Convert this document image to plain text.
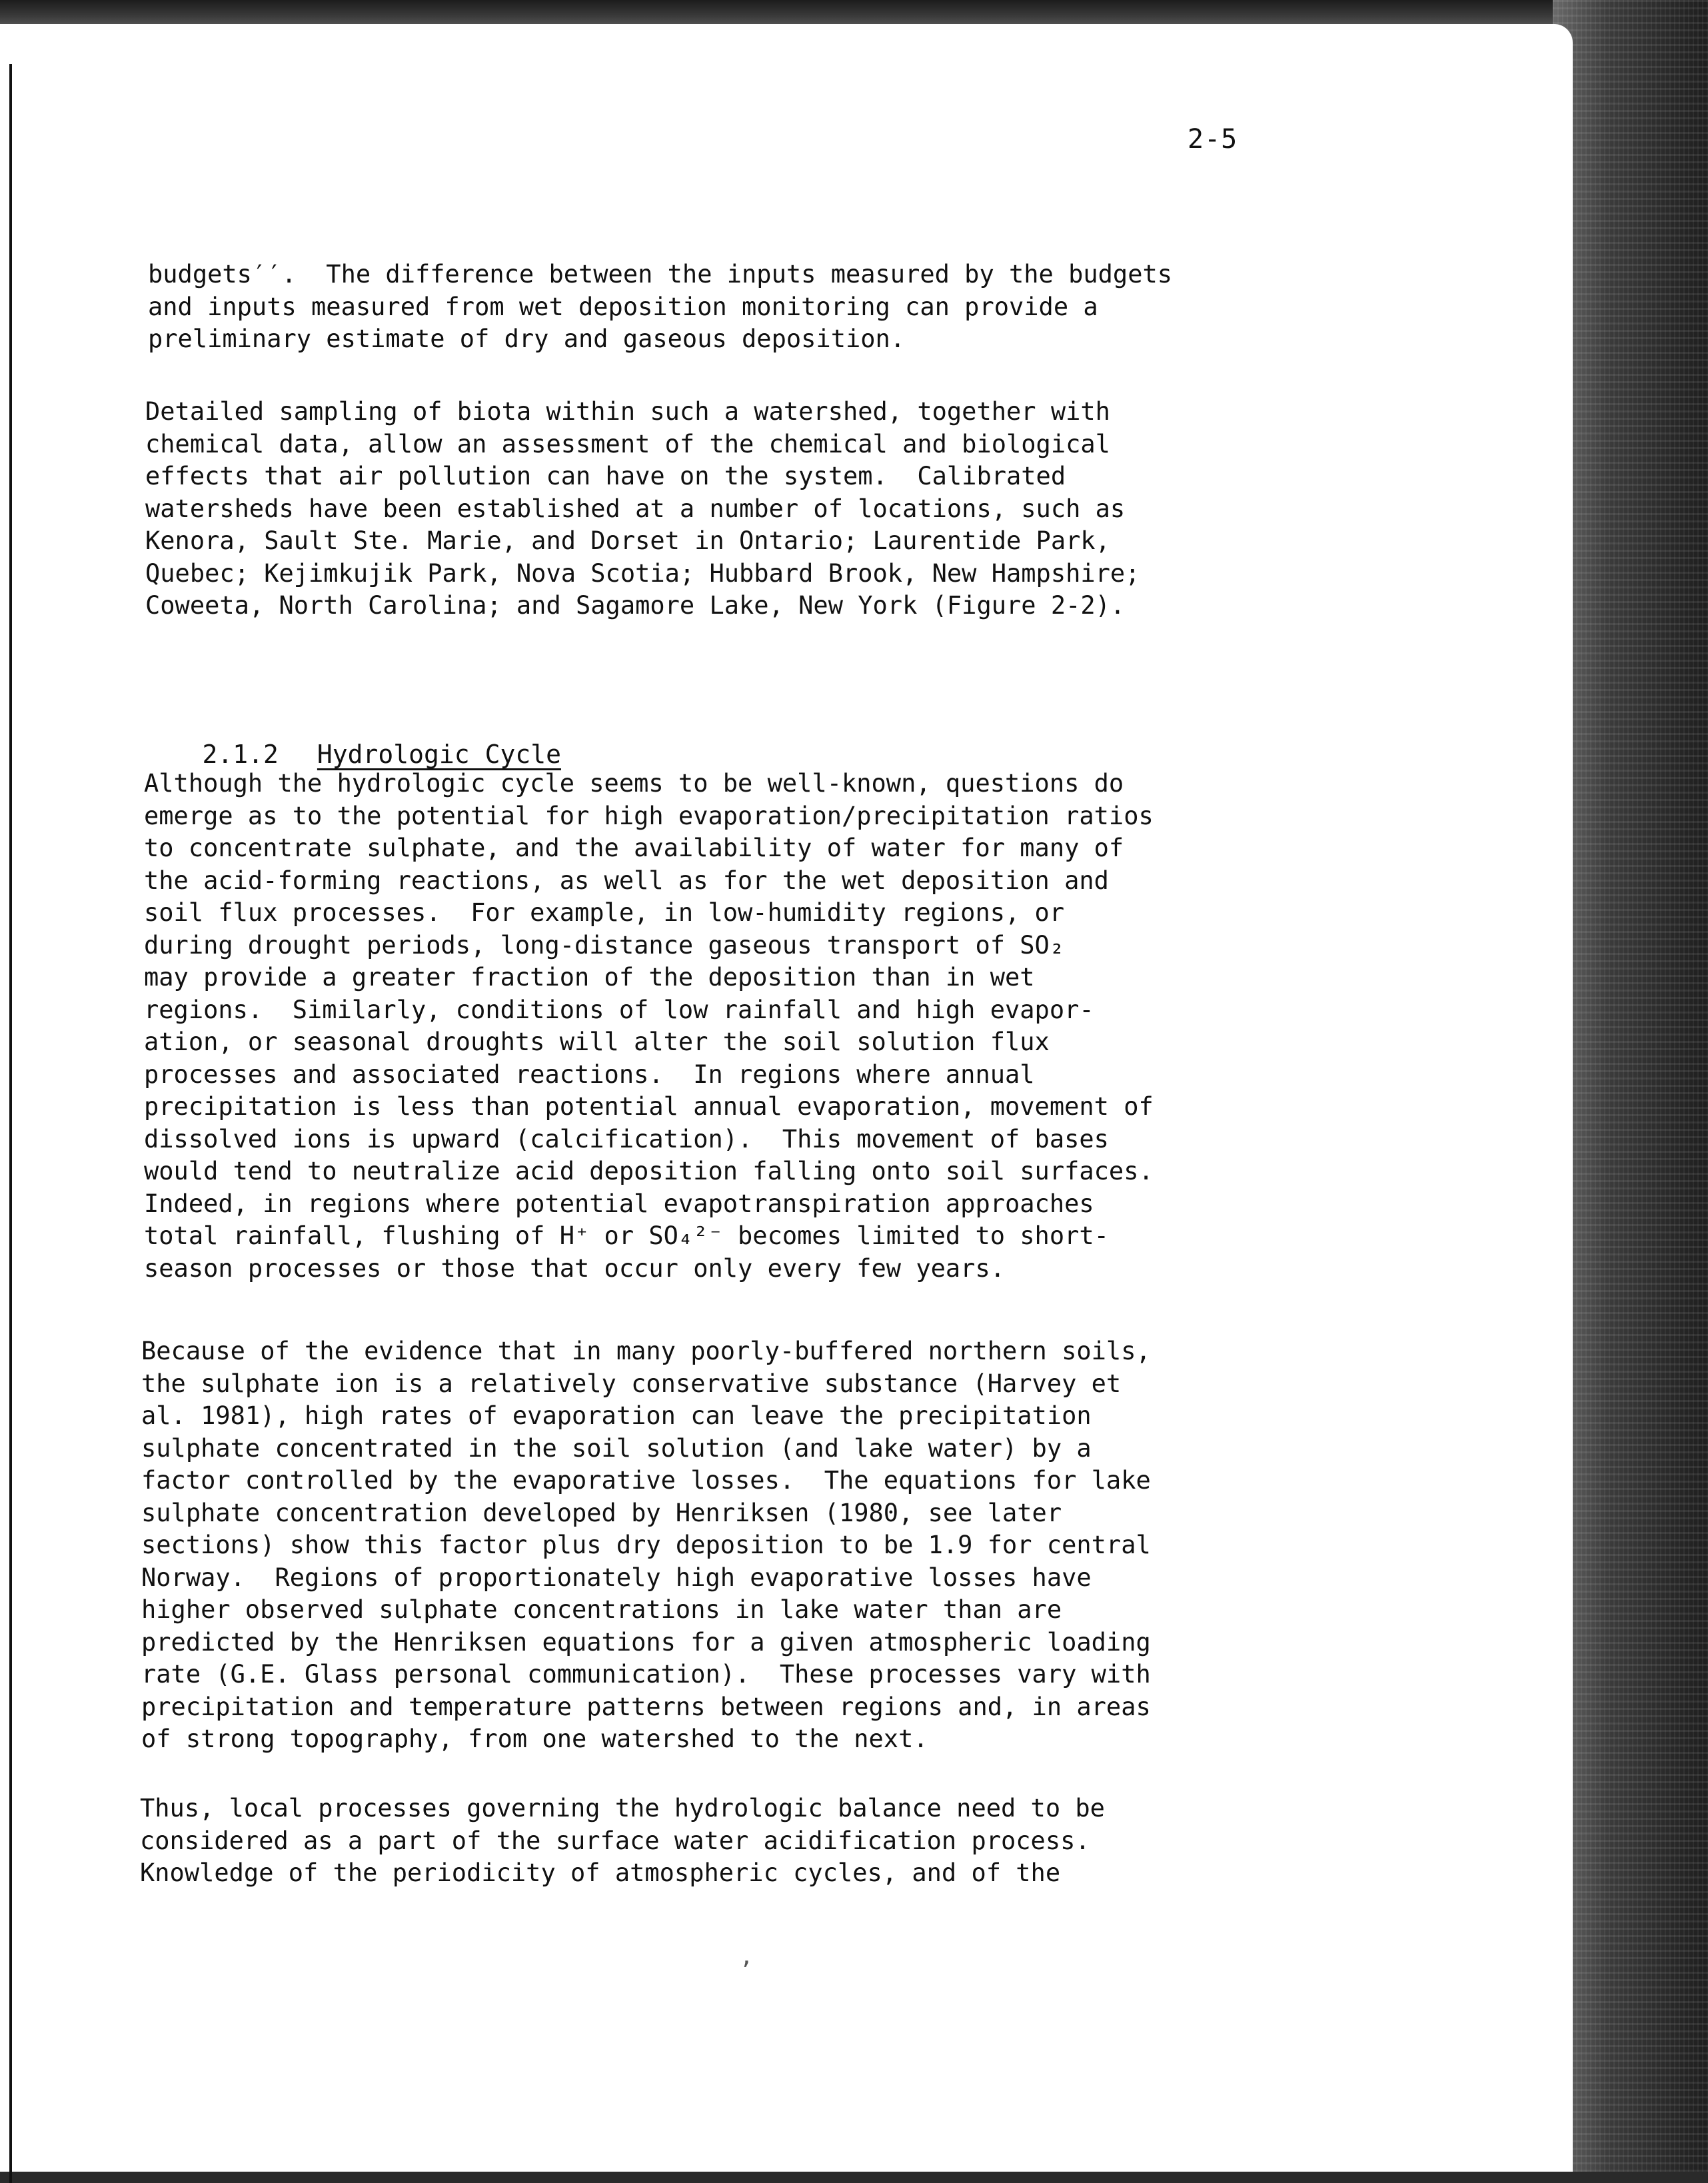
2-5

budgets′′.  The difference between the inputs measured by the budgets
and inputs measured from wet deposition monitoring can provide a
preliminary estimate of dry and gaseous deposition.

Detailed sampling of biota within such a watershed, together with
chemical data, allow an assessment of the chemical and biological
effects that air pollution can have on the system.  Calibrated
watersheds have been established at a number of locations, such as
Kenora, Sault Ste. Marie, and Dorset in Ontario; Laurentide Park,
Quebec; Kejimkujik Park, Nova Scotia; Hubbard Brook, New Hampshire;
Coweeta, North Carolina; and Sagamore Lake, New York (Figure 2-2).

2.1.2 Hydrologic Cycle

Although the hydrologic cycle seems to be well-known, questions do
emerge as to the potential for high evaporation/precipitation ratios
to concentrate sulphate, and the availability of water for many of
the acid-forming reactions, as well as for the wet deposition and
soil flux processes.  For example, in low-humidity regions, or
during drought periods, long-distance gaseous transport of SO₂
may provide a greater fraction of the deposition than in wet
regions.  Similarly, conditions of low rainfall and high evapor-
ation, or seasonal droughts will alter the soil solution flux
processes and associated reactions.  In regions where annual
precipitation is less than potential annual evaporation, movement of
dissolved ions is upward (calcification).  This movement of bases
would tend to neutralize acid deposition falling onto soil surfaces.
Indeed, in regions where potential evapotranspiration approaches
total rainfall, flushing of H⁺ or SO₄²⁻ becomes limited to short-
season processes or those that occur only every few years.

Because of the evidence that in many poorly-buffered northern soils,
the sulphate ion is a relatively conservative substance (Harvey et
al. 1981), high rates of evaporation can leave the precipitation
sulphate concentrated in the soil solution (and lake water) by a
factor controlled by the evaporative losses.  The equations for lake
sulphate concentration developed by Henriksen (1980, see later
sections) show this factor plus dry deposition to be 1.9 for central
Norway.  Regions of proportionately high evaporative losses have
higher observed sulphate concentrations in lake water than are
predicted by the Henriksen equations for a given atmospheric loading
rate (G.E. Glass personal communication).  These processes vary with
precipitation and temperature patterns between regions and, in areas
of strong topography, from one watershed to the next.

Thus, local processes governing the hydrologic balance need to be
considered as a part of the surface water acidification process.
Knowledge of the periodicity of atmospheric cycles, and of the

,
